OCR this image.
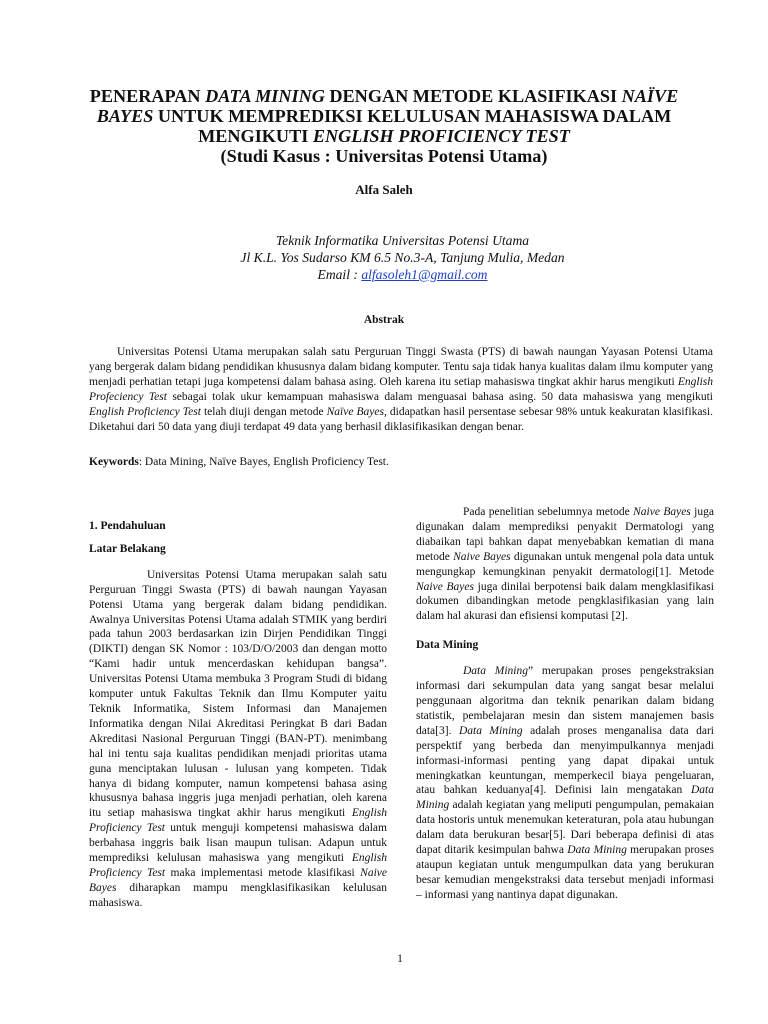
PENERAPAN DATA MINING DENGAN METODE KLASIFIKASI NAÏVE
BAYES UNTUK MEMPREDIKSI KELULUSAN MAHASISWA DALAM
MENGIKUTI ENGLISH PROFICIENCY TEST
(Studi Kasus : Universitas Potensi Utama)
Alfa Saleh
Teknik Informatika Universitas Potensi Utama
Jl K.L. Yos Sudarso KM 6.5 No.3-A, Tanjung Mulia, Medan
Email : alfasoleh1@gmail.com
Abstrak

Universitas Potensi Utama merupakan salah satu Perguruan Tinggi Swasta (PTS) di bawah naungan Yayasan Potensi Utama yang bergerak dalam bidang pendidikan khususnya dalam bidang komputer. Tentu saja tidak hanya kualitas dalam ilmu komputer yang menjadi perhatian tetapi juga kompetensi dalam bahasa asing. Oleh karena itu setiap mahasiswa tingkat akhir harus mengikuti English Profeciency Test sebagai tolak ukur kemampuan mahasiswa dalam menguasai bahasa asing. 50 data mahasiswa yang mengikuti English Proficiency Test telah diuji dengan metode Naïve Bayes, didapatkan hasil persentase sebesar 98% untuk keakuratan klasifikasi. Diketahui dari 50 data yang diuji terdapat 49 data yang berhasil diklasifikasikan dengan benar.

Keywords: Data Mining, Naïve Bayes, English Proficiency Test.
1. Pendahuluan
Latar Belakang

Universitas Potensi Utama merupakan salah satu Perguruan Tinggi Swasta (PTS) di bawah naungan Yayasan Potensi Utama yang bergerak dalam bidang pendidikan. Awalnya Universitas Potensi Utama adalah STMIK yang berdiri pada tahun 2003 berdasarkan izin Dirjen Pendidikan Tinggi (DIKTI) dengan SK Nomor : 103/D/O/2003 dan dengan motto “Kami hadir untuk mencerdaskan kehidupan bangsa”. Universitas Potensi Utama membuka 3 Program Studi di bidang komputer untuk Fakultas Teknik dan Ilmu Komputer yaitu Teknik Informatika, Sistem Informasi dan Manajemen Informatika dengan Nilai Akreditasi Peringkat B dari Badan Akreditasi Nasional Perguruan Tinggi (BAN-PT). menimbang hal ini tentu saja kualitas pendidikan menjadi prioritas utama guna menciptakan lulusan - lulusan yang kompeten. Tidak hanya di bidang komputer, namun kompetensi bahasa asing khususnya bahasa inggris juga menjadi perhatian, oleh karena itu setiap mahasiswa tingkat akhir harus mengikuti English Proficiency Test untuk menguji kompetensi mahasiswa dalam berbahasa inggris baik lisan maupun tulisan. Adapun untuk memprediksi kelulusan mahasiswa yang mengikuti English Proficiency Test maka implementasi metode klasifikasi Naive Bayes diharapkan mampu mengklasifikasikan kelulusan mahasiswa.

Pada penelitian sebelumnya metode Naive Bayes juga digunakan dalam memprediksi penyakit Dermatologi yang diabaikan tapi bahkan dapat menyebabkan kematian di mana metode Naive Bayes digunakan untuk mengenal pola data untuk mengungkap kemungkinan penyakit dermatologi[1]. Metode Naive Bayes juga dinilai berpotensi baik dalam mengklasifikasi dokumen dibandingkan metode pengklasifikasian yang lain dalam hal akurasi dan efisiensi komputasi [2].

Data Mining

Data Mining” merupakan proses pengekstraksian informasi dari sekumpulan data yang sangat besar melalui penggunaan algoritma dan teknik penarikan dalam bidang statistik, pembelajaran mesin dan sistem manajemen basis data[3]. Data Mining adalah proses menganalisa data dari perspektif yang berbeda dan menyimpulkannya menjadi informasi-informasi penting yang dapat dipakai untuk meningkatkan keuntungan, memperkecil biaya pengeluaran, atau bahkan keduanya[4]. Definisi lain mengatakan Data Mining adalah kegiatan yang meliputi pengumpulan, pemakaian data hostoris untuk menemukan keteraturan, pola atau hubungan dalam data berukuran besar[5]. Dari beberapa definisi di atas dapat ditarik kesimpulan bahwa Data Mining merupakan proses ataupun kegiatan untuk mengumpulkan data yang berukuran besar kemudian mengekstraksi data tersebut menjadi informasi – informasi yang nantinya dapat digunakan.

1
